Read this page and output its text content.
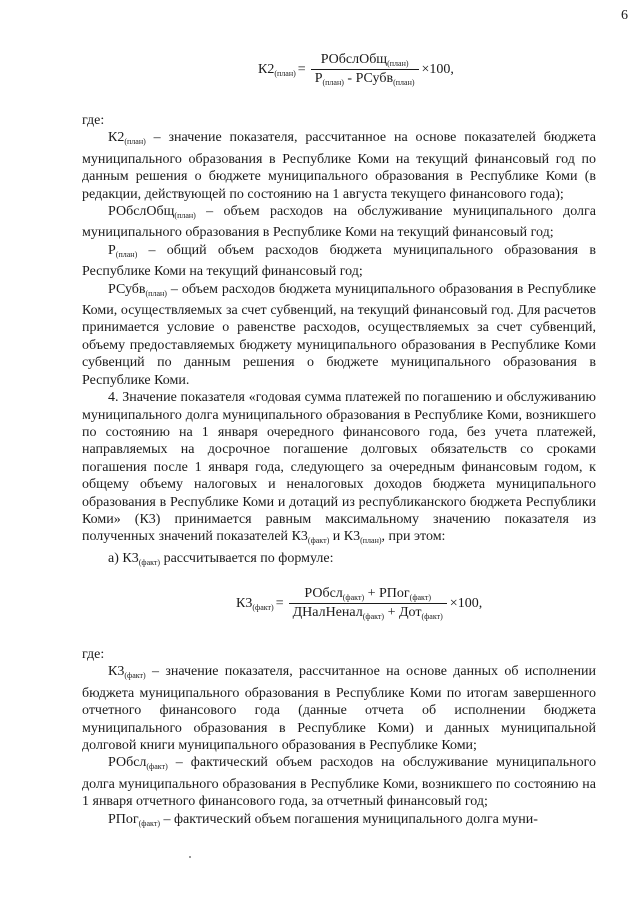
6
$К2_{(план)} = \frac{РОбслОбщ_{(план)}}{Р_{(план)} - РСубв_{(план)}} \times 100$,

где:

$К2_{(план)}$ – значение показателя, рассчитанное на основе показателей бюджета муниципального образования в Республике Коми на текущий финансовый год по данным решения о бюджете муниципального образования в Республике Коми (в редакции, действующей по состоянию на 1 августа текущего финансового года);

РОбслОбщ$_{(план)}$ – объем расходов на обслуживание муниципального долга муниципального образования в Республике Коми на текущий финансовый год;

$Р_{(план)}$ – общий объем расходов бюджета муниципального образования в Республике Коми на текущий финансовый год;

РСубв$_{(план)}$ – объем расходов бюджета муниципального образования в Республике Коми, осуществляемых за счет субвенций, на текущий финансовый год. Для расчетов принимается условие о равенстве расходов, осуществляемых за счет субвенций, объему предоставляемых бюджету муниципального образования в Республике Коми субвенций по данным решения о бюджете муниципального образования в Республике Коми.

4. Значение показателя «годовая сумма платежей по погашению и обслуживанию муниципального долга муниципального образования в Республике Коми, возникшего по состоянию на 1 января очередного финансового года, без учета платежей, направляемых на досрочное погашение долговых обязательств со сроками погашения после 1 января года, следующего за очередным финансовым годом, к общему объему налоговых и неналоговых доходов бюджета муниципального образования в Республике Коми и дотаций из республиканского бюджета Республики Коми» (К3) принимается равным максимальному значению показателя из полученных значений показателей $К3_{(факт)}$ и $К3_{(план)}$, при этом:

а) $К3_{(факт)}$ рассчитывается по формуле:

$К3_{(факт)} = \frac{РОбсл_{(факт)} + РПог_{(факт)}}{ДНалНенал_{(факт)} + Дот_{(факт)}} \times 100$,

где:

$К3_{(факт)}$ – значение показателя, рассчитанное на основе данных об исполнении бюджета муниципального образования в Республике Коми по итогам завершенного отчетного финансового года (данные отчета об исполнении бюджета муниципального образования в Республике Коми) и данных муниципальной долговой книги муниципального образования в Республике Коми;

РОбсл$_{(факт)}$ – фактический объем расходов на обслуживание муниципального долга муниципального образования в Республике Коми, возникшего по состоянию на 1 января отчетного финансового года, за отчетный финансовый год;

РПог$_{(факт)}$ – фактический объем погашения муниципального долга муни-
